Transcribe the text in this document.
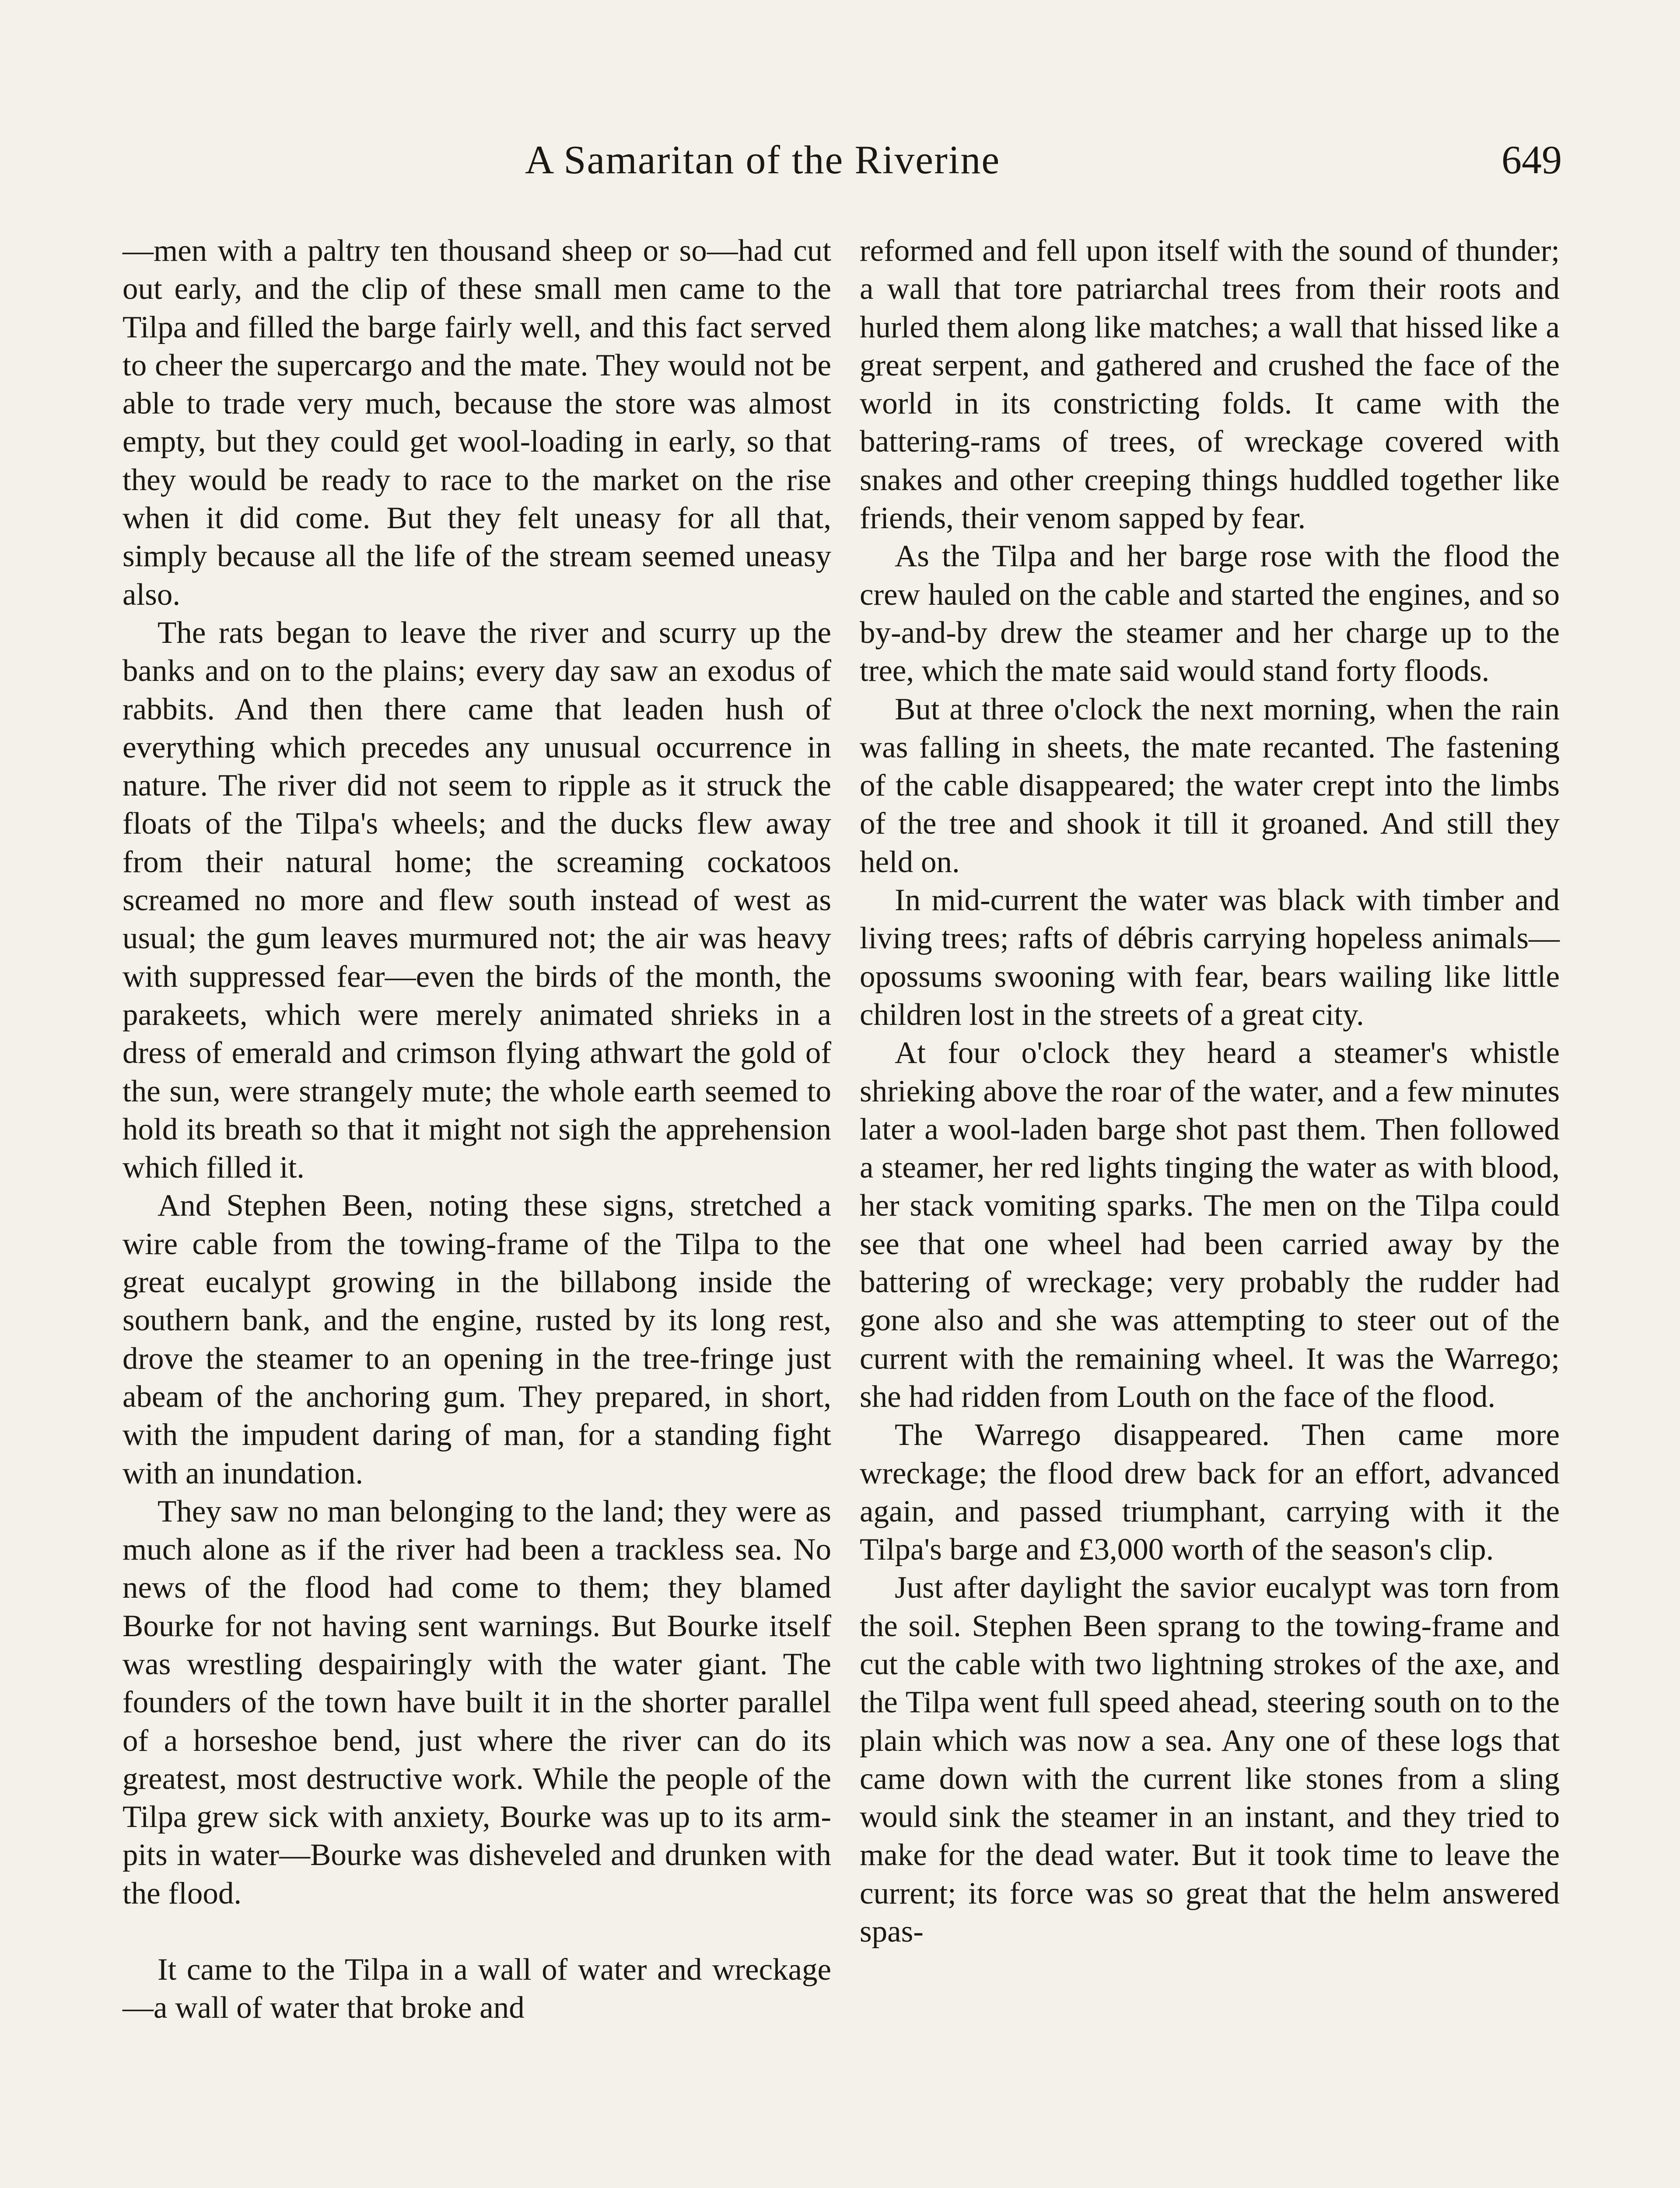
A Samaritan of the Riverine	649

—men with a paltry ten thousand sheep or so—had cut out early, and the clip of these small men came to the Tilpa and filled the barge fairly well, and this fact served to cheer the supercargo and the mate. They would not be able to trade very much, because the store was almost empty, but they could get wool-loading in early, so that they would be ready to race to the market on the rise when it did come. But they felt uneasy for all that, simply because all the life of the stream seemed uneasy also.

The rats began to leave the river and scurry up the banks and on to the plains; every day saw an exodus of rabbits. And then there came that leaden hush of everything which precedes any unusual occurrence in nature. The river did not seem to ripple as it struck the floats of the Tilpa's wheels; and the ducks flew away from their natural home; the screaming cockatoos screamed no more and flew south instead of west as usual; the gum leaves murmured not; the air was heavy with suppressed fear—even the birds of the month, the parakeets, which were merely animated shrieks in a dress of emerald and crimson flying athwart the gold of the sun, were strangely mute; the whole earth seemed to hold its breath so that it might not sigh the apprehension which filled it.

And Stephen Been, noting these signs, stretched a wire cable from the towing-frame of the Tilpa to the great eucalypt growing in the billabong inside the southern bank, and the engine, rusted by its long rest, drove the steamer to an opening in the tree-fringe just abeam of the anchoring gum. They prepared, in short, with the impudent daring of man, for a standing fight with an inundation.

They saw no man belonging to the land; they were as much alone as if the river had been a trackless sea. No news of the flood had come to them; they blamed Bourke for not having sent warnings. But Bourke itself was wrestling despairingly with the water giant. The founders of the town have built it in the shorter parallel of a horseshoe bend, just where the river can do its greatest, most destructive work. While the people of the Tilpa grew sick with anxiety, Bourke was up to its arm-pits in water—Bourke was disheveled and drunken with the flood.

It came to the Tilpa in a wall of water and wreckage—a wall of water that broke and

reformed and fell upon itself with the sound of thunder; a wall that tore patriarchal trees from their roots and hurled them along like matches; a wall that hissed like a great serpent, and gathered and crushed the face of the world in its constricting folds. It came with the battering-rams of trees, of wreckage covered with snakes and other creeping things huddled together like friends, their venom sapped by fear.

As the Tilpa and her barge rose with the flood the crew hauled on the cable and started the engines, and so by-and-by drew the steamer and her charge up to the tree, which the mate said would stand forty floods.

But at three o'clock the next morning, when the rain was falling in sheets, the mate recanted. The fastening of the cable disappeared; the water crept into the limbs of the tree and shook it till it groaned. And still they held on.

In mid-current the water was black with timber and living trees; rafts of débris carrying hopeless animals—opossums swooning with fear, bears wailing like little children lost in the streets of a great city.

At four o'clock they heard a steamer's whistle shrieking above the roar of the water, and a few minutes later a wool-laden barge shot past them. Then followed a steamer, her red lights tinging the water as with blood, her stack vomiting sparks. The men on the Tilpa could see that one wheel had been carried away by the battering of wreckage; very probably the rudder had gone also and she was attempting to steer out of the current with the remaining wheel. It was the Warrego; she had ridden from Louth on the face of the flood.

The Warrego disappeared. Then came more wreckage; the flood drew back for an effort, advanced again, and passed triumphant, carrying with it the Tilpa's barge and £3,000 worth of the season's clip.

Just after daylight the savior eucalypt was torn from the soil. Stephen Been sprang to the towing-frame and cut the cable with two lightning strokes of the axe, and the Tilpa went full speed ahead, steering south on to the plain which was now a sea. Any one of these logs that came down with the current like stones from a sling would sink the steamer in an instant, and they tried to make for the dead water. But it took time to leave the current; its force was so great that the helm answered spas-
